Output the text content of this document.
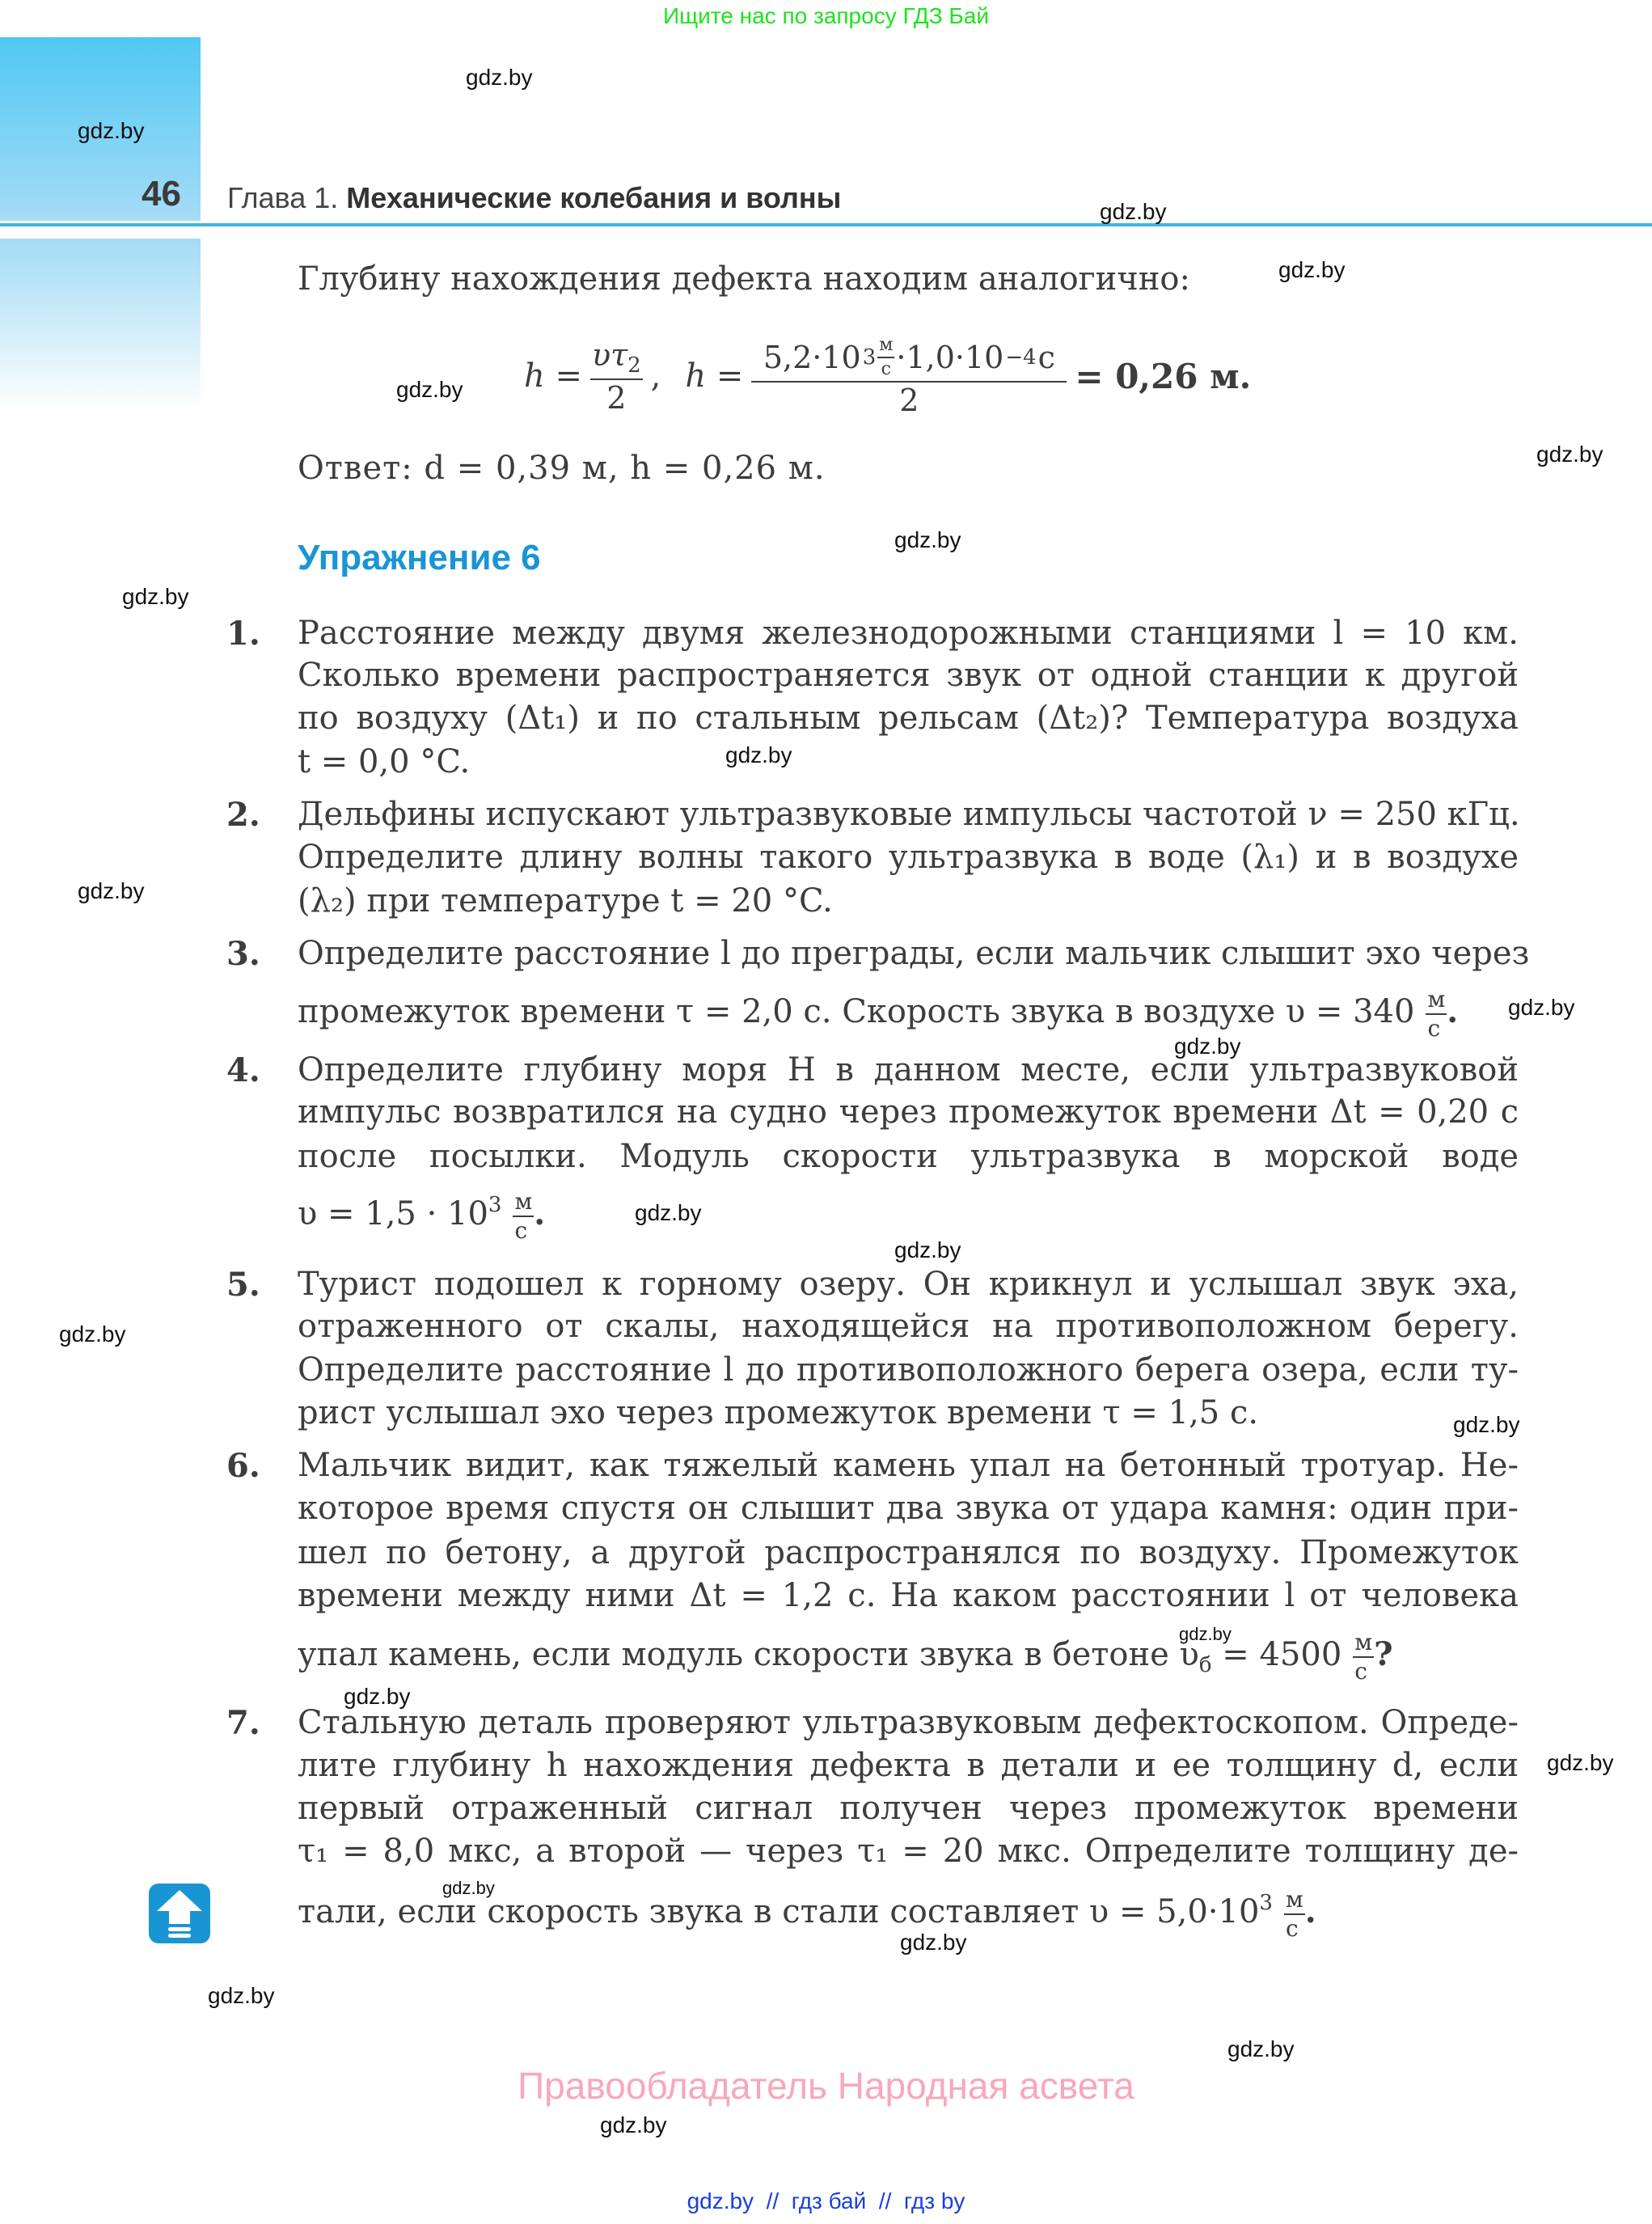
Ищите нас по запросу ГДЗ Бай
46 Глава 1. Механические колебания и волны
Глубину нахождения дефекта находим аналогично:
$h = \frac{\upsilon\tau_2}{2}$ , h = 5,2·10 $3 \frac{м}{с} \cdot 1,0\cdot 10 -4$ с
2
= 0,26 м.
Ответ: d = 0,39 м, h = 0,26 м.
Упражнение 6
1.	Расстояние между двумя железнодорожными станциями l = 10 км.
Сколько времени распространяется звук от одной станции к другой
по воздуху (Δt₁) и по стальным рельсам (Δt₂)? Температура воздуха
t = 0,0 °C.
2.	Дельфины испускают ультразвуковые импульсы частотой ν = 250 кГц.
Определите длину волны такого ультразвука в воде (λ₁) и в воздухе
(λ₂) при температуре t = 20 °C.
3.	Определите расстояние l до преграды, если мальчик слышит эхо через
промежуток времени τ = 2,0 с. Скорость звука в воздухе $\upsilon = 340 \frac{м}{с}$ .
4.	Определите глубину моря H в данном месте, если ультразвуковой
импульс возвратился на судно через промежуток времени Δt = 0,20 с
после посылки. Модуль скорости ультразвука в морской воде
$\upsilon = 1,5 \cdot 10^3 \frac{м}{с}$ .
5.	Турист подошел к горному озеру. Он крикнул и услышал звук эха,
отраженного от скалы, находящейся на противоположном берегу.
Определите расстояние l до противоположного берега озера, если ту-
рист услышал эхо через промежуток времени τ = 1,5 с.
6.	Мальчик видит, как тяжелый камень упал на бетонный тротуар. Не-
которое время спустя он слышит два звука от удара камня: один при-
шел по бетону, а другой распространялся по воздуху. Промежуток
времени между ними Δt = 1,2 с. На каком расстоянии l от человека
упал камень, если модуль скорости звука в бетоне $\upsilon_б = 4500 \frac{м}{с}$ ?
7.	Стальную деталь проверяют ультразвуковым дефектоскопом. Опреде-
лите глубину h нахождения дефекта в детали и ее толщину d, если
первый отраженный сигнал получен через промежуток времени
τ₁ = 8,0 мкс, а второй — через τ₁ = 20 мкс. Определите толщину де-
тали, если скорость звука в стали составляет $\upsilon = 5,0\cdot 10^3 \frac{м}{с}$ .
gdz.by
gdz.by
gdz.by
gdz.by
gdz.by
gdz.by
gdz.by
gdz.by
gdz.by
gdz.by
gdz.by
gdz.by
gdz.by
gdz.by
gdz.by
gdz.by
gdz.by
gdz.by
gdz.by
gdz.by
gdz.by
gdz.by
gdz.by
gdz.by
Правообладатель Народная асвета
gdz.by  //  гдз бай  //  гдз by
